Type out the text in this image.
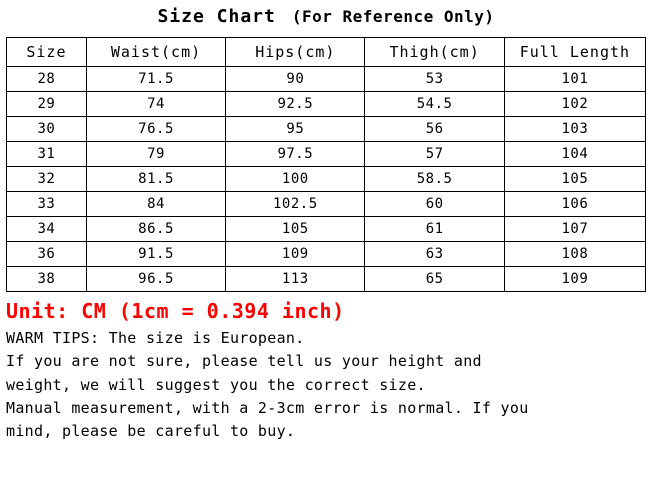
Size Chart (For Reference Only)
Size	Waist(cm)	Hips(cm)	Thigh(cm)	Full Length
28	71.5	90	53	101
29	74	92.5	54.5	102
30	76.5	95	56	103
31	79	97.5	57	104
32	81.5	100	58.5	105
33	84	102.5	60	106
34	86.5	105	61	107
36	91.5	109	63	108
38	96.5	113	65	109
Unit: CM (1cm = 0.394 inch)
WARM TIPS: The size is European.
If you are not sure, please tell us your height and
weight, we will suggest you the correct size.
Manual measurement, with a 2-3cm error is normal. If you
mind, please be careful to buy.
